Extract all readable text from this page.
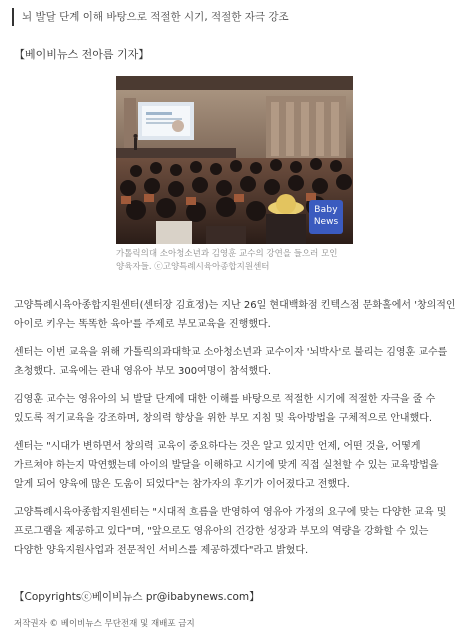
뇌 발달 단계 이해 바탕으로 적절한 시기, 적절한 자극 강조
【베이비뉴스 전아름 기자】
Baby
News
가톨릭의대 소아청소년과 김영훈 교수의 강연을 들으러 모인 양육자들. ⓒ고양특례시육아종합지원센터

고양특례시육아종합지원센터(센터장 김효정)는 지난 26일 현대백화점 킨텍스점 문화홀에서 '창의적인 아이로 키우는 똑똑한 육아'를 주제로 부모교육을 진행했다.

센터는 이번 교육을 위해 가톨릭의과대학교 소아청소년과 교수이자 '뇌박사'로 불리는 김영훈 교수를 초청했다. 교육에는 관내 영유아 부모 300여명이 참석했다.

김영훈 교수는 영유아의 뇌 발달 단계에 대한 이해를 바탕으로 적절한 시기에 적절한 자극을 줄 수 있도록 적기교육을 강조하며, 창의력 향상을 위한 부모 지침 및 육아방법을 구체적으로 안내했다.

센터는 "시대가 변하면서 창의력 교육이 중요하다는 것은 알고 있지만 언제, 어떤 것을, 어떻게 가르쳐야 하는지 막연했는데 아이의 발달을 이해하고 시기에 맞게 직접 실천할 수 있는 교육방법을 알게 되어 양육에 많은 도움이 되었다"는 참가자의 후기가 이어졌다고 전했다.

고양특례시육아종합지원센터는 "시대적 흐름을 반영하여 영유아 가정의 요구에 맞는 다양한 교육 및 프로그램을 제공하고 있다"며, "앞으로도 영유아의 건강한 성장과 부모의 역량을 강화할 수 있는 다양한 양육지원사업과 전문적인 서비스를 제공하겠다"라고 밝혔다.

【Copyrightsⓒ베이비뉴스 pr@ibabynews.com】
저작권자 © 베이비뉴스 무단전재 및 재배포 금지
